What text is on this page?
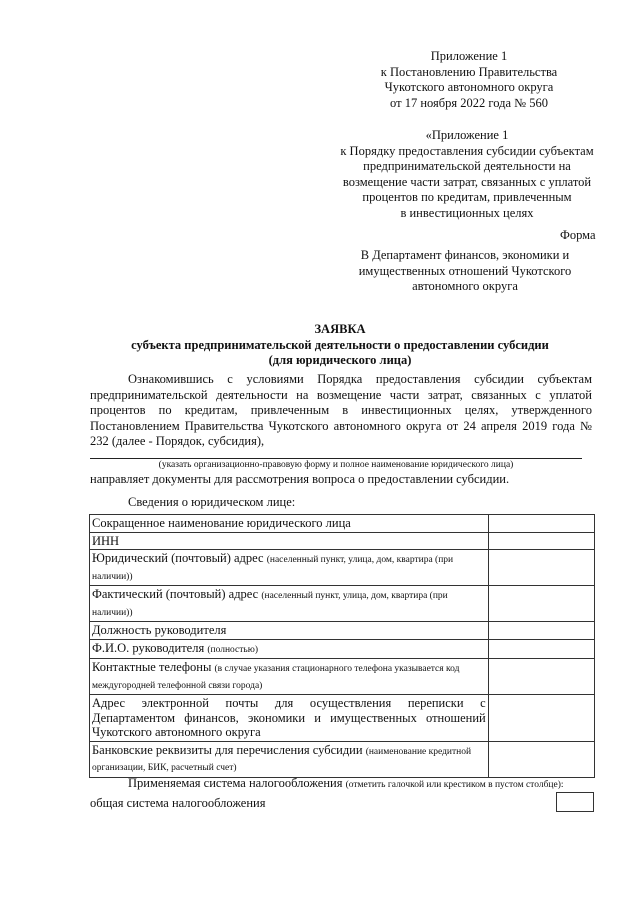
Приложение 1
к Постановлению Правительства
Чукотского автономного округа
от 17 ноября 2022 года № 560
«Приложение 1
к Порядку предоставления субсидии субъектам
предпринимательской деятельности на
возмещение части затрат, связанных с уплатой
процентов по кредитам, привлеченным
в инвестиционных целях
Форма
В Департамент финансов, экономики и
имущественных отношений Чукотского
автономного округа
ЗАЯВКА
субъекта предпринимательской деятельности о предоставлении субсидии
(для юридического лица)
Ознакомившись с условиями Порядка предоставления субсидии субъектам предпринимательской деятельности на возмещение части затрат, связанных с уплатой процентов по кредитам, привлеченным в инвестиционных целях, утвержденного Постановлением Правительства Чукотского автономного округа от 24 апреля 2019 года № 232 (далее - Порядок, субсидия),
(указать организационно-правовую форму и полное наименование юридического лица)
направляет документы для рассмотрения вопроса о предоставлении субсидии.
Сведения о юридическом лице:
Сокращенное наименование юридического лица	
ИНН	
Юридический (почтовый) адрес (населенный пункт, улица, дом, квартира (при наличии))	
Фактический (почтовый) адрес (населенный пункт, улица, дом, квартира (при наличии))	
Должность руководителя	
Ф.И.О. руководителя (полностью)	
Контактные телефоны (в случае указания стационарного телефона указывается код междугородней телефонной связи города)	

Адрес электронной почты для осуществления переписки с Департаментом финансов, экономики и имущественных отношений Чукотского автономного округа	

Банковские реквизиты для перечисления субсидии (наименование кредитной организации, БИК, расчетный счет)	
Применяемая система налогообложения (отметить галочкой или крестиком в пустом столбце):
общая система налогообложения
